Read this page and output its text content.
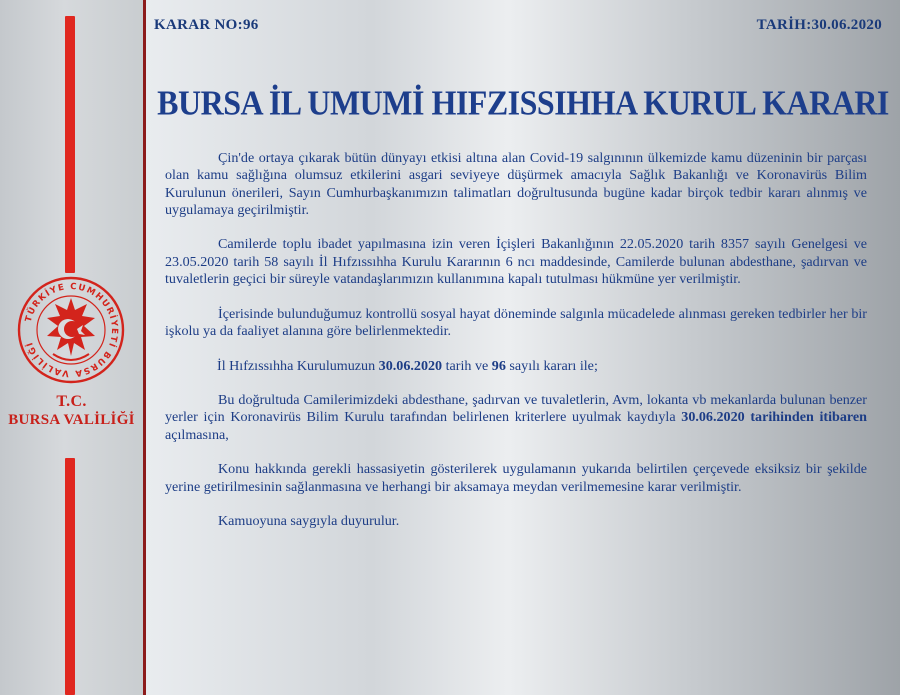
TÜRKİYE CUMHURİYETİ BURSA VALİLİĞİ
T.C.
BURSA VALİLİĞİ
KARAR NO:96	TARİH:30.06.2020
BURSA İL UMUMİ HIFZISSIHHA KURUL KARARI

Çin'de ortaya çıkarak bütün dünyayı etkisi altına alan Covid-19 salgınının ülkemizde kamu düzeninin bir parçası olan kamu sağlığına olumsuz etkilerini asgari seviyeye düşürmek amacıyla Sağlık Bakanlığı ve Koronavirüs Bilim Kurulunun önerileri, Sayın Cumhurbaşkanımızın talimatları doğrultusunda bugüne kadar birçok tedbir kararı alınmış ve uygulamaya geçirilmiştir.

Camilerde toplu ibadet yapılmasına izin veren İçişleri Bakanlığının 22.05.2020 tarih 8357 sayılı Genelgesi ve 23.05.2020 tarih 58 sayılı İl Hıfzıssıhha Kurulu Kararının 6 ncı maddesinde, Camilerde bulunan abdesthane, şadırvan ve tuvaletlerin geçici bir süreyle vatandaşlarımızın kullanımına kapalı tutulması hükmüne yer verilmiştir.

İçerisinde bulunduğumuz kontrollü sosyal hayat döneminde salgınla mücadelede alınması gereken tedbirler her bir işkolu ya da faaliyet alanına göre belirlenmektedir.

İl Hıfzıssıhha Kurulumuzun 30.06.2020 tarih ve 96 sayılı kararı ile;

Bu doğrultuda Camilerimizdeki abdesthane, şadırvan ve tuvaletlerin, Avm, lokanta vb mekanlarda bulunan benzer yerler için Koronavirüs Bilim Kurulu tarafından belirlenen kriterlere uyulmak kaydıyla 30.06.2020 tarihinden itibaren açılmasına,

Konu hakkında gerekli hassasiyetin gösterilerek uygulamanın yukarıda belirtilen çerçevede eksiksiz bir şekilde yerine getirilmesinin sağlanmasına ve herhangi bir aksamaya meydan verilmemesine karar verilmiştir.

Kamuoyuna saygıyla duyurulur.
